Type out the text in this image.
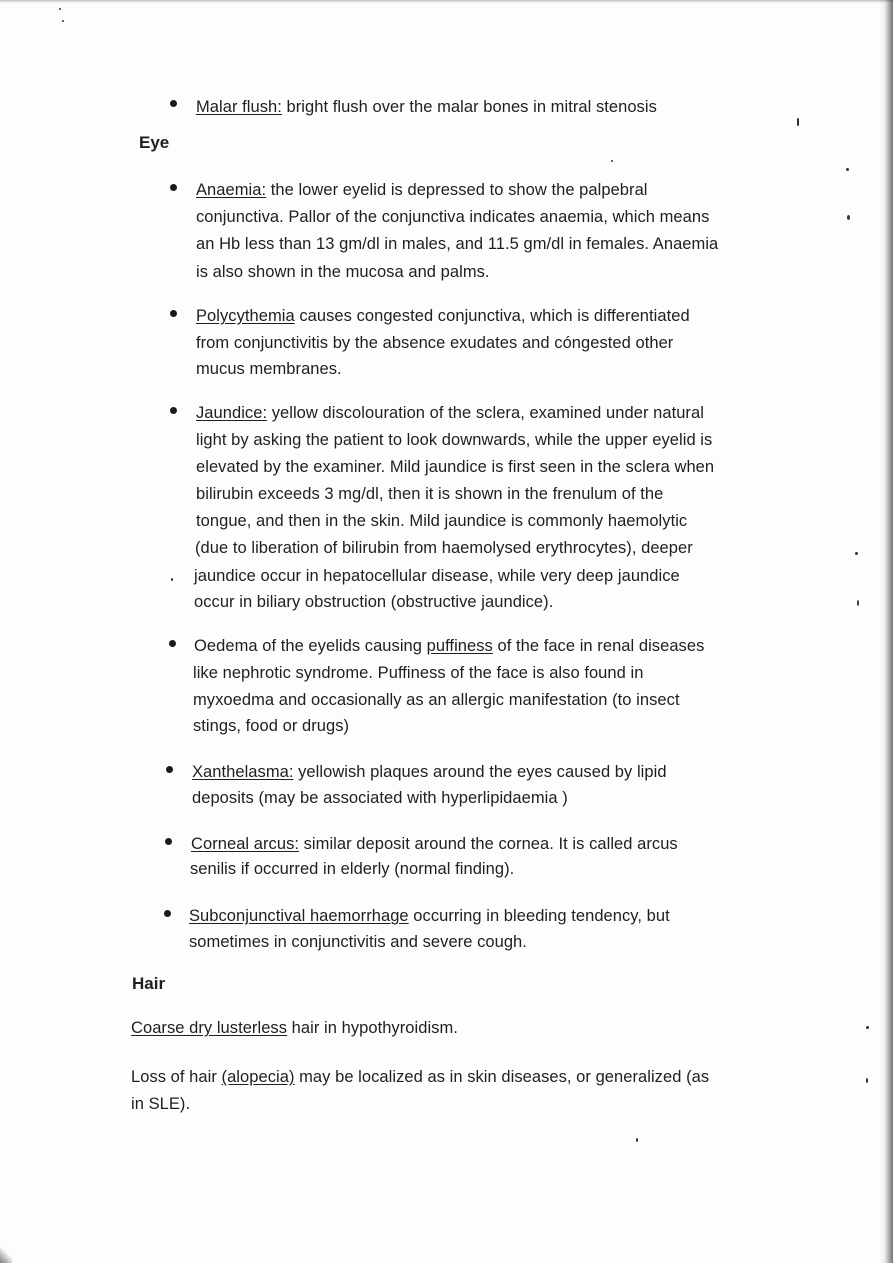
Malar flush: bright flush over the malar bones in mitral stenosis
Eye
Anaemia: the lower eyelid is depressed to show the palpebral
conjunctiva. Pallor of the conjunctiva indicates anaemia, which means
an Hb less than 13 gm/dl in males, and 11.5 gm/dl in females. Anaemia
is also shown in the mucosa and palms.
Polycythemia causes congested conjunctiva, which is differentiated
from conjunctivitis by the absence exudates and cóngested other
mucus membranes.
Jaundice: yellow discolouration of the sclera, examined under natural
light by asking the patient to look downwards, while the upper eyelid is
elevated by the examiner. Mild jaundice is first seen in the sclera when
bilirubin exceeds 3 mg/dl, then it is shown in the frenulum of the
tongue, and then in the skin. Mild jaundice is commonly haemolytic
(due to liberation of bilirubin from haemolysed erythrocytes), deeper
jaundice occur in hepatocellular disease, while very deep jaundice
occur in biliary obstruction (obstructive jaundice).
Oedema of the eyelids causing puffiness of the face in renal diseases
like nephrotic syndrome. Puffiness of the face is also found in
myxoedma and occasionally as an allergic manifestation (to insect
stings, food or drugs)
Xanthelasma: yellowish plaques around the eyes caused by lipid
deposits (may be associated with hyperlipidaemia )
Corneal arcus: similar deposit around the cornea. It is called arcus
senilis if occurred in elderly (normal finding).
Subconjunctival haemorrhage occurring in bleeding tendency, but
sometimes in conjunctivitis and severe cough.
Hair
Coarse dry lusterless hair in hypothyroidism.
Loss of hair (alopecia) may be localized as in skin diseases, or generalized (as
in SLE).
